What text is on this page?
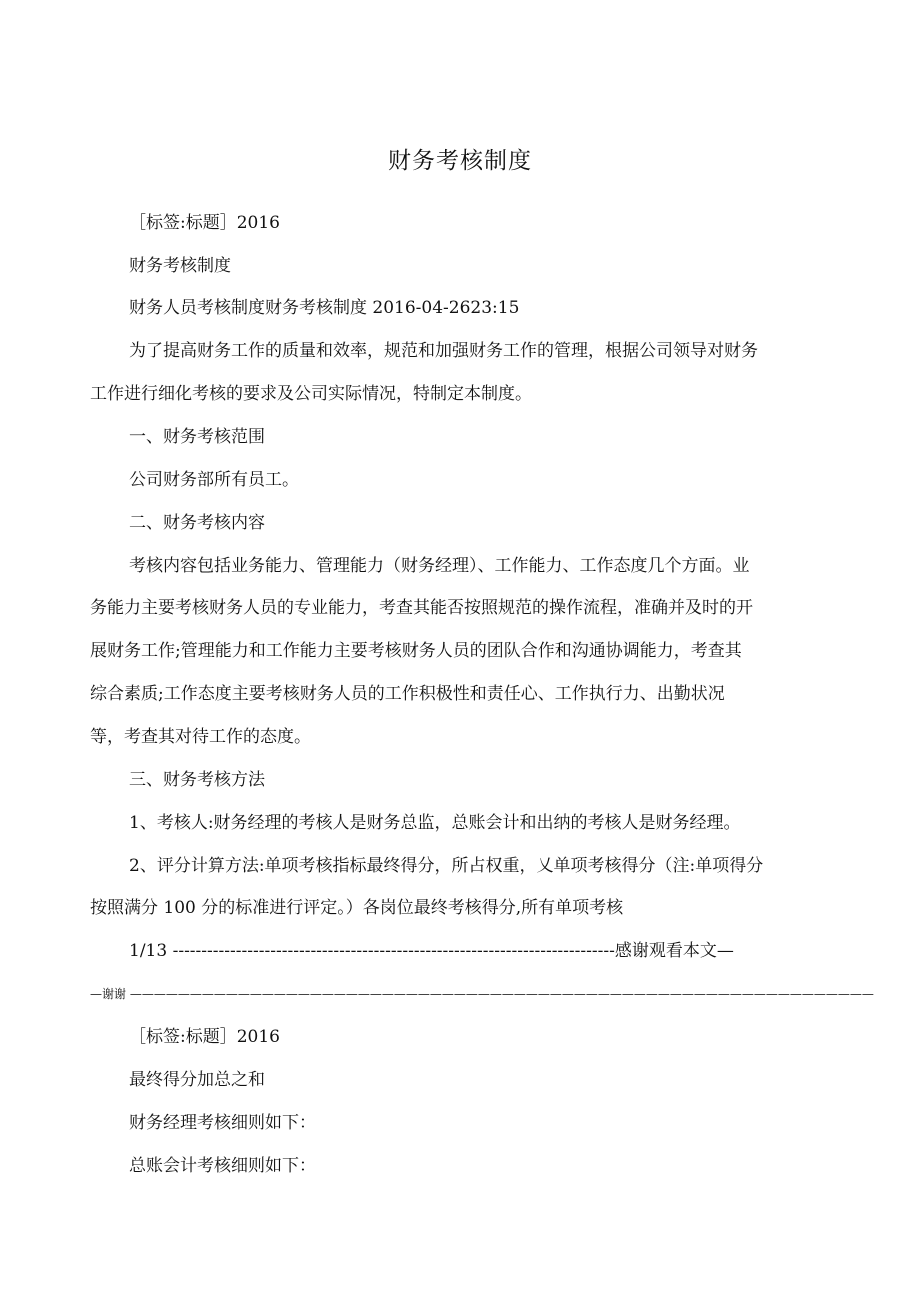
财务考核制度
［标签:标题］2016
财务考核制度
财务人员考核制度财务考核制度 2016-04-2623:15
为了提高财务工作的质量和效率，规范和加强财务工作的管理，根据公司领导对财务
工作进行细化考核的要求及公司实际情况，特制定本制度。
一、财务考核范围
公司财务部所有员工。
二、财务考核内容
考核内容包括业务能力、管理能力（财务经理）、工作能力、工作态度几个方面。业
务能力主要考核财务人员的专业能力，考查其能否按照规范的操作流程，准确并及时的开
展财务工作;管理能力和工作能力主要考核财务人员的团队合作和沟通协调能力，考查其
综合素质;工作态度主要考核财务人员的工作积极性和责任心、工作执行力、出勤状况
等，考查其对待工作的态度。
三、财务考核方法
1、考核人:财务经理的考核人是财务总监，总账会计和出纳的考核人是财务经理。
2、评分计算方法:单项考核指标最终得分，所占权重，乂单项考核得分（注:单项得分
按照满分 100 分的标准进行评定。）各岗位最终考核得分,所有单项考核
1/13 -----------------------------------------------------------------------------感谢观看本文—
—谢谢 ——————————————————————————————————————————————————————————————
［标签:标题］2016
最终得分加总之和
财务经理考核细则如下：
总账会计考核细则如下：
